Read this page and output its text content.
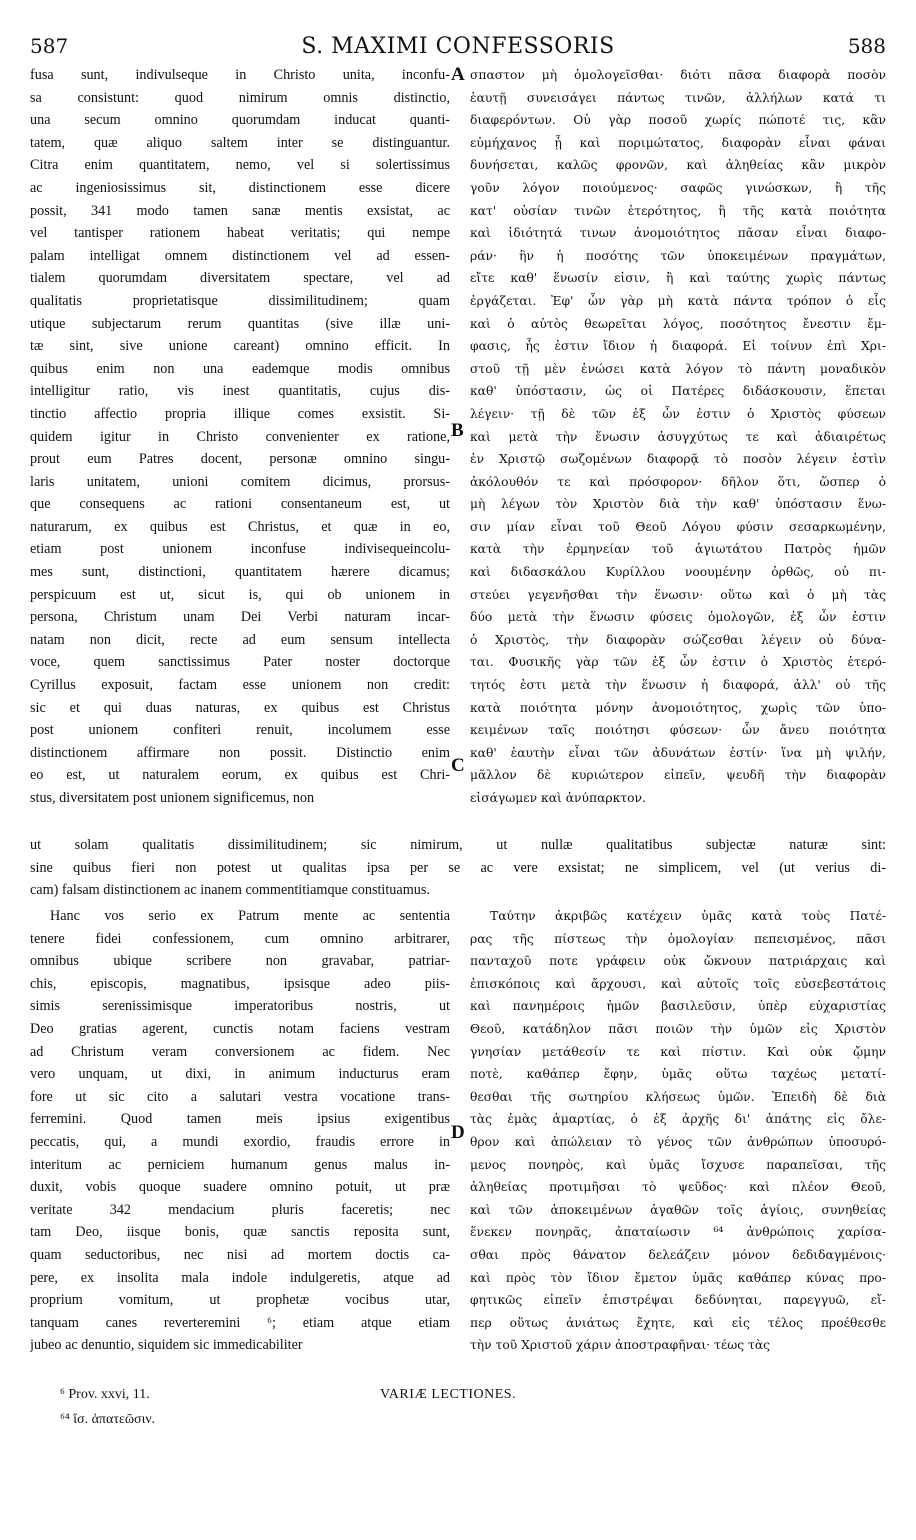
587	S. MAXIMI CONFESSORIS	588
fusa sunt, indivulseque in Christo unita, inconfu-
sa consistunt: quod nimirum omnis distinctio,
una secum omnino quorumdam inducat quanti-
tatem, quæ aliquo saltem inter se distinguantur.
Citra enim quantitatem, nemo, vel si solertissimus
ac ingeniosissimus sit, distinctionem esse dicere
possit, 341 modo tamen sanæ mentis exsistat, ac
vel tantisper rationem habeat veritatis; qui nempe
palam intelligat omnem distinctionem vel ad essen-
tialem quorumdam diversitatem spectare, vel ad
qualitatis proprietatisque dissimilitudinem; quam
utique subjectarum rerum quantitas (sive illæ uni-
tæ sint, sive unione careant) omnino efficit. In
quibus enim non una eademque modis omnibus
intelligitur ratio, vis inest quantitatis, cujus dis-
tinctio affectio propria illique comes exsistit. Si-
quidem igitur in Christo convenienter ex ratione,
prout eum Patres docent, personæ omnino singu-
laris unitatem, unioni comitem dicimus, prorsus-
que consequens ac rationi consentaneum est, ut
naturarum, ex quibus est Christus, et quæ in eo,
etiam post unionem inconfuse indivisequeincolu-
mes sunt, distinctioni, quantitatem hærere dicamus;
perspicuum est ut, sicut is, qui ob unionem in
persona, Christum unam Dei Verbi naturam incar-
natam non dicit, recte ad eum sensum intellecta
voce, quem sanctissimus Pater noster doctorque
Cyrillus exposuit, factam esse unionem non credit:
sic et qui duas naturas, ex quibus est Christus
post unionem confiteri renuit, incolumem esse
distinctionem affirmare non possit. Distinctio enim
eo est, ut naturalem eorum, ex quibus est Chri-
stus, diversitatem post unionem significemus, non
σπαστον μὴ ὁμολογεῖσθαι· διότι πᾶσα διαφορὰ ποσὸν
ἑαυτῇ συνεισάγει πάντως τινῶν, ἀλλήλων κατά τι
διαφερόντων. Οὐ γὰρ ποσοῦ χωρίς πώποτέ τις, κἂν
εὐμήχανος ᾖ καὶ ποριμώτατος, διαφορὰν εἶναι φάναι
δυνήσεται, καλῶς φρονῶν, καὶ ἀληθείας κἂν μικρὸν
γοῦν λόγον ποιούμενος· σαφῶς γινώσκων, ἢ τῆς
κατ' οὐσίαν τινῶν ἑτερότητος, ἢ τῆς κατὰ ποιότητα
καὶ ἰδιότητά τινων ἀνομοιότητος πᾶσαν εἶναι διαφο-
ράν· ἣν ἡ ποσότης τῶν ὑποκειμένων πραγμάτων,
εἴτε καθ' ἕνωσίν εἰσιν, ἢ καὶ ταύτης χωρὶς πάντως
ἐργάζεται. Ἐφ' ὧν γὰρ μὴ κατὰ πάντα τρόπον ὁ εἷς
καὶ ὁ αὐτὸς θεωρεῖται λόγος, ποσότητος ἔνεστιν ἔμ-
φασις, ἧς ἐστιν ἴδιον ἡ διαφορά. Εἰ τοίνυν ἐπὶ Χρι-
στοῦ τῇ μὲν ἑνώσει κατὰ λόγον τὸ πάντη μοναδικὸν
καθ' ὑπόστασιν, ὡς οἱ Πατέρες διδάσκουσιν, ἕπεται
λέγειν· τῇ δὲ τῶν ἐξ ὧν ἐστιν ὁ Χριστὸς φύσεων
καὶ μετὰ τὴν ἕνωσιν ἀσυγχύτως τε καὶ ἀδιαιρέτως
ἐν Χριστῷ σωζομένων διαφορᾷ τὸ ποσὸν λέγειν ἐστὶν
ἀκόλουθόν τε καὶ πρόσφορον· δῆλον ὅτι, ὥσπερ ὁ
μὴ λέγων τὸν Χριστὸν διὰ τὴν καθ' ὑπόστασιν ἕνω-
σιν μίαν εἶναι τοῦ Θεοῦ Λόγου φύσιν σεσαρκωμένην,
κατὰ τὴν ἑρμηνείαν τοῦ ἁγιωτάτου Πατρὸς ἡμῶν
καὶ διδασκάλου Κυρίλλου νοουμένην ὀρθῶς, οὐ πι-
στεύει γεγενῆσθαι τὴν ἕνωσιν· οὕτω καὶ ὁ μὴ τὰς
δύο μετὰ τὴν ἕνωσιν φύσεις ὁμολογῶν, ἐξ ὧν ἐστιν
ὁ Χριστὸς, τὴν διαφορὰν σώζεσθαι λέγειν οὐ δύνα-
ται. Φυσικῆς γὰρ τῶν ἐξ ὧν ἐστιν ὁ Χριστὸς ἑτερό-
τητός ἐστι μετὰ τὴν ἕνωσιν ἡ διαφορά, ἀλλ' οὐ τῆς
κατὰ ποιότητα μόνην ἀνομοιότητος, χωρὶς τῶν ὑπο-
κειμένων ταῖς ποιότησι φύσεων· ὧν ἄνευ ποιότητα
καθ' ἑαυτὴν εἶναι τῶν ἀδυνάτων ἐστίν· ἵνα μὴ ψιλήν,
μᾶλλον δὲ κυριώτερον εἰπεῖν, ψευδῆ τὴν διαφορὰν
εἰσάγωμεν καὶ ἀνύπαρκτον.
A
B
C
D
ut solam qualitatis dissimilitudinem; sic nimirum, ut nullæ qualitatibus subjectæ naturæ sint:
sine quibus fieri non potest ut qualitas ipsa per se ac vere exsistat; ne simplicem, vel (ut verius di-
cam) falsam distinctionem ac inanem commentitiamque constituamus.
Hanc vos serio ex Patrum mente ac sententia
tenere fidei confessionem, cum omnino arbitrarer,
omnibus ubique scribere non gravabar, patriar-
chis, episcopis, magnatibus, ipsisque adeo piis-
simis serenissimisque imperatoribus nostris, ut
Deo gratias agerent, cunctis notam faciens vestram
ad Christum veram conversionem ac fidem. Nec
vero unquam, ut dixi, in animum inducturus eram
fore ut sic cito a salutari vestra vocatione trans-
ferremini. Quod tamen meis ipsius exigentibus
peccatis, qui, a mundi exordio, fraudis errore in
interitum ac perniciem humanum genus malus in-
duxit, vobis quoque suadere omnino potuit, ut præ
veritate 342 mendacium pluris faceretis; nec
tam Deo, iisque bonis, quæ sanctis reposita sunt,
quam seductoribus, nec nisi ad mortem doctis ca-
pere, ex insolita mala indole indulgeretis, atque ad
proprium vomitum, ut prophetæ vocibus utar,
tanquam canes reverteremini ⁶; etiam atque etiam
jubeo ac denuntio, siquidem sic immedicabiliter
Ταύτην ἀκριβῶς κατέχειν ὑμᾶς κατὰ τοὺς Πατέ-
ρας τῆς πίστεως τὴν ὁμολογίαν πεπεισμένος, πᾶσι
πανταχοῦ ποτε γράφειν οὐκ ὤκνουν πατριάρχαις καὶ
ἐπισκόποις καὶ ἄρχουσι, καὶ αὐτοῖς τοῖς εὐσεβεστάτοις
καὶ πανημέροις ἡμῶν βασιλεῦσιν, ὑπὲρ εὐχαριστίας
Θεοῦ, κατάδηλον πᾶσι ποιῶν τὴν ὑμῶν εἰς Χριστὸν
γνησίαν μετάθεσίν τε καὶ πίστιν. Καὶ οὐκ ᾤμην
ποτὲ, καθάπερ ἔφην, ὑμᾶς οὕτω ταχέως μετατί-
θεσθαι τῆς σωτηρίου κλήσεως ὑμῶν. Ἐπειδὴ δὲ διὰ
τὰς ἐμὰς ἁμαρτίας, ὁ ἐξ ἀρχῆς δι' ἀπάτης εἰς ὄλε-
θρον καὶ ἀπώλειαν τὸ γένος τῶν ἀνθρώπων ὑποσυρό-
μενος πονηρὸς, καὶ ὑμᾶς ἴσχυσε παραπεῖσαι, τῆς
ἀληθείας προτιμῆσαι τὸ ψεῦδος· καὶ πλέον Θεοῦ,
καὶ τῶν ἀποκειμένων ἀγαθῶν τοῖς ἁγίοις, συνηθείας
ἕνεκεν πονηρᾶς, ἀπαταίωσιν ⁶⁴ ἀνθρώποις χαρίσα-
σθαι πρὸς θάνατον δελεάζειν μόνον δεδιδαγμένοις·
καὶ πρὸς τὸν ἴδιον ἔμετον ὑμᾶς καθάπερ κύνας προ-
φητικῶς εἰπεῖν ἐπιστρέψαι δεδύνηται, παρεγγυῶ, εἴ-
περ οὕτως ἀνιάτως ἔχητε, καὶ εἰς τέλος προέθεσθε
τὴν τοῦ Χριστοῦ χάριν ἀποστραφῆναι· τέως τὰς
⁶ Prov. xxvi, 11.	VARIÆ LECTIONES.
⁶⁴ ἴσ. ἀπατεῶσιν.
